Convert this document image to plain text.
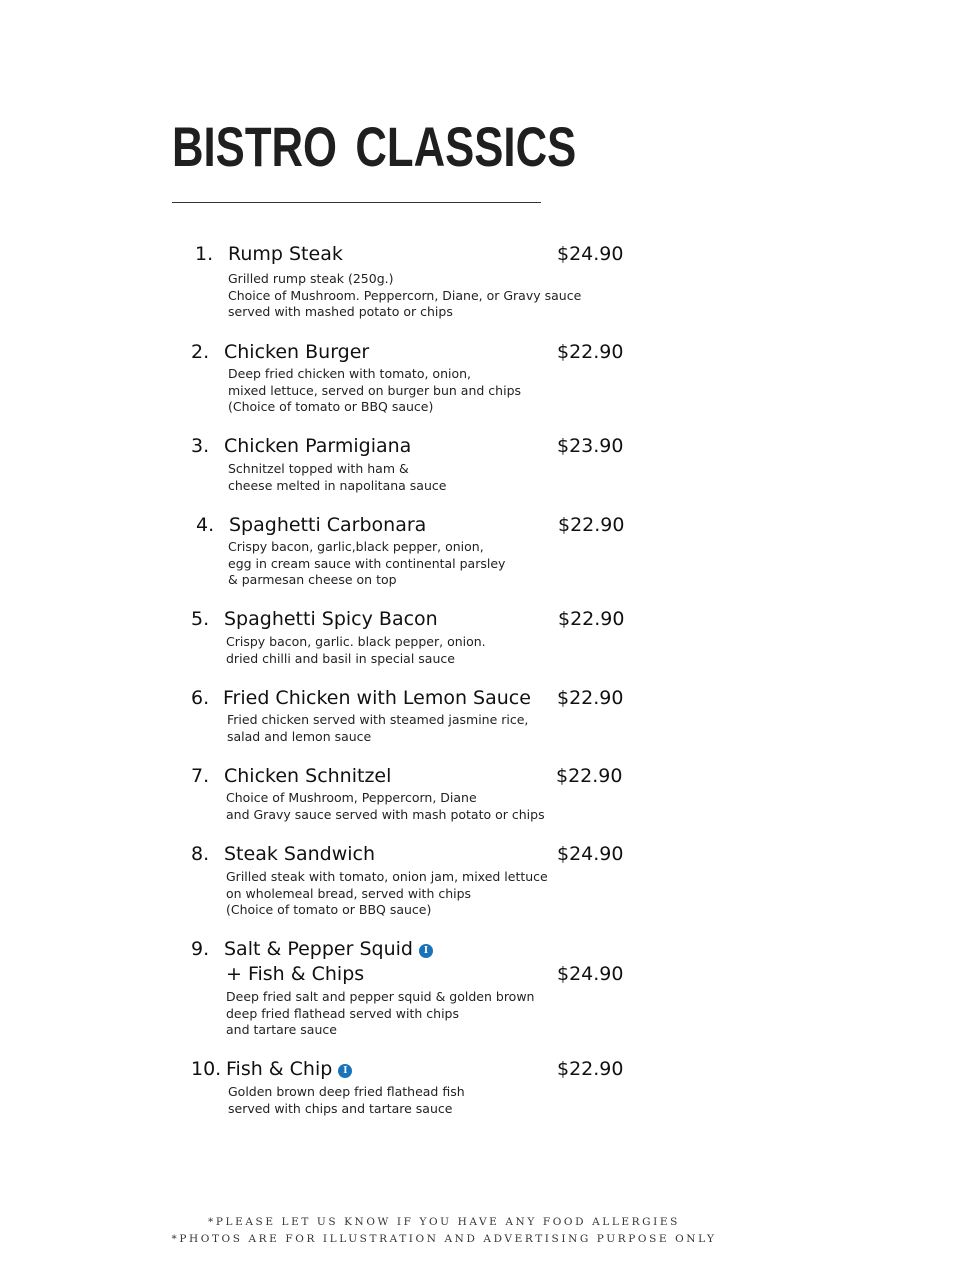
BISTRO CLASSICS
1. Rump Steak	$24.90
Grilled rump steak (250g.)
Choice of Mushroom. Peppercorn, Diane, or Gravy sauce
served with mashed potato or chips
2. Chicken Burger	$22.90
Deep fried chicken with tomato, onion,
mixed lettuce, served on burger bun and chips
(Choice of tomato or BBQ sauce)
3. Chicken Parmigiana	$23.90
Schnitzel topped with ham &
cheese melted in napolitana sauce
4. Spaghetti Carbonara	$22.90
Crispy bacon, garlic,black pepper, onion,
egg in cream sauce with continental parsley
& parmesan cheese on top
5. Spaghetti Spicy Bacon	$22.90
Crispy bacon, garlic. black pepper, onion.
dried chilli and basil in special sauce
6. Fried Chicken with Lemon Sauce $22.90
Fried chicken served with steamed jasmine rice,
salad and lemon sauce
7. Chicken Schnitzel	$22.90
Choice of Mushroom, Peppercorn, Diane
and Gravy sauce served with mash potato or chips
8. Steak Sandwich	$24.90
Grilled steak with tomato, onion jam, mixed lettuce
on wholemeal bread, served with chips
(Choice of tomato or BBQ sauce)
9. Salt & Pepper Squid I
+ Fish & Chips	$24.90
Deep fried salt and pepper squid & golden brown
deep fried flathead served with chips
and tartare sauce
10. Fish & Chip I	$22.90
Golden brown deep fried flathead fish
served with chips and tartare sauce
*PLEASE LET US KNOW IF YOU HAVE ANY FOOD ALLERGIES
*PHOTOS ARE FOR ILLUSTRATION AND ADVERTISING PURPOSE ONLY
